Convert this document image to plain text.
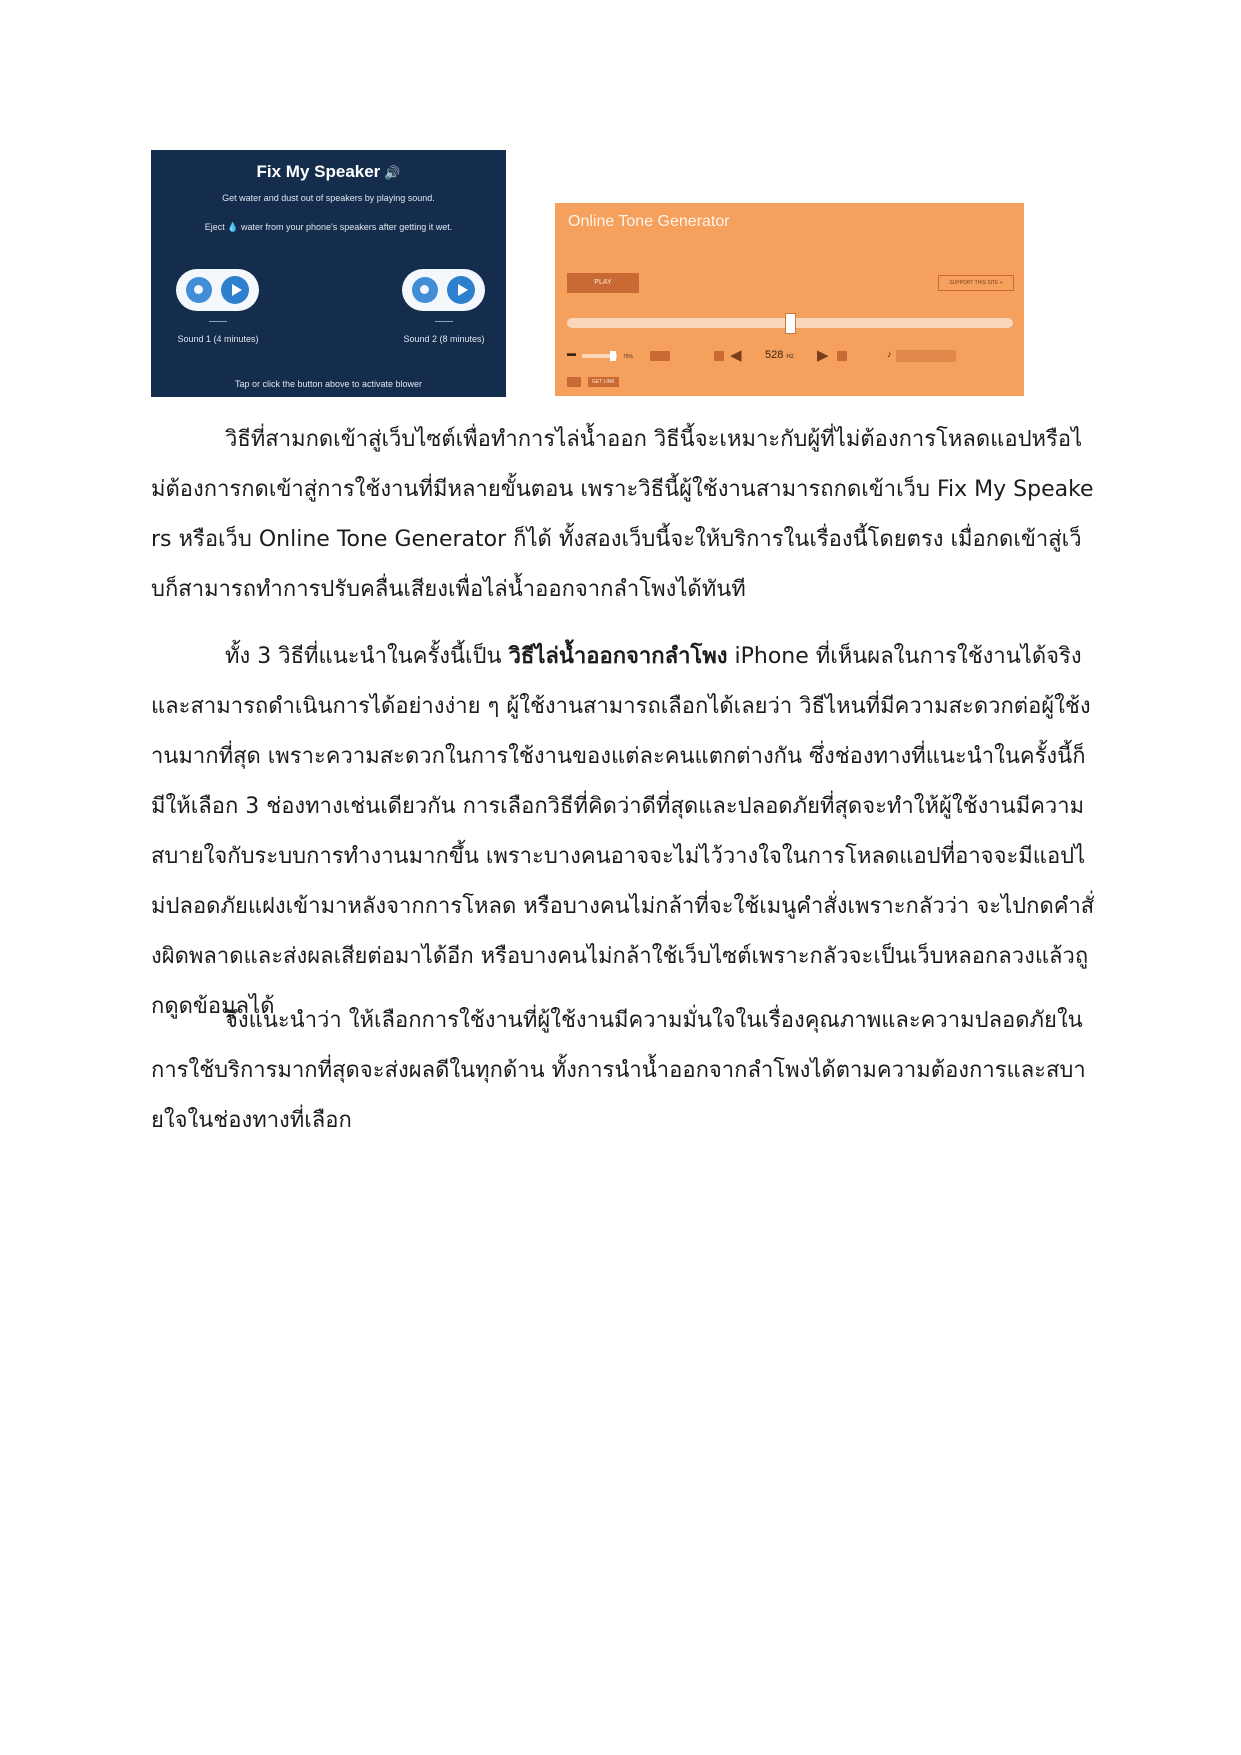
Fix My Speaker 🔊
Get water and dust out of speakers by playing sound.
Eject 💧 water from your phone's speakers after getting it wet.
Sound 1 (4 minutes)	Sound 2 (8 minutes)
Tap or click the button above to activate blower
Online Tone Generator
PLAY	SUPPORT THIS SITE »
▬	75%	◀ 528 Hz ▶	♪
GET LINK

วิธีที่สามกดเข้าสู่เว็บไซต์เพื่อทำการไล่น้ำออก วิธีนี้จะเหมาะกับผู้ที่ไม่ต้องการโหลดแอปหรือไม่ต้องการกดเข้าสู่การใช้งานที่มีหลายขั้นตอน เพราะวิธีนี้ผู้ใช้งานสามารถกดเข้าเว็บ Fix My Speakers หรือเว็บ Online Tone Generator ก็ได้ ทั้งสองเว็บนี้จะให้บริการในเรื่องนี้โดยตรง เมื่อกดเข้าสู่เว็บก็สามารถทำการปรับคลื่นเสียงเพื่อไล่น้ำออกจากลำโพงได้ทันที

ทั้ง 3 วิธีที่แนะนำในครั้งนี้เป็น วิธีไล่น้ำออกจากลำโพง iPhone ที่เห็นผลในการใช้งานได้จริงและสามารถดำเนินการได้อย่างง่าย ๆ ผู้ใช้งานสามารถเลือกได้เลยว่า วิธีไหนที่มีความสะดวกต่อผู้ใช้งานมากที่สุด เพราะความสะดวกในการใช้งานของแต่ละคนแตกต่างกัน ซึ่งช่องทางที่แนะนำในครั้งนี้ก็มีให้เลือก 3 ช่องทางเช่นเดียวกัน การเลือกวิธีที่คิดว่าดีที่สุดและปลอดภัยที่สุดจะทำให้ผู้ใช้งานมีความสบายใจกับระบบการทำงานมากขึ้น เพราะบางคนอาจจะไม่ไว้วางใจในการโหลดแอปที่อาจจะมีแอปไม่ปลอดภัยแฝงเข้ามาหลังจากการโหลด หรือบางคนไม่กล้าที่จะใช้เมนูคำสั่งเพราะกลัวว่า จะไปกดคำสั่งผิดพลาดและส่งผลเสียต่อมาได้อีก หรือบางคนไม่กล้าใช้เว็บไซต์เพราะกลัวจะเป็นเว็บหลอกลวงแล้วถูกดูดข้อมูลได้

จึงแนะนำว่า ให้เลือกการใช้งานที่ผู้ใช้งานมีความมั่นใจในเรื่องคุณภาพและความปลอดภัยในการใช้บริการมากที่สุดจะส่งผลดีในทุกด้าน ทั้งการนำน้ำออกจากลำโพงได้ตามความต้องการและสบายใจในช่องทางที่เลือก
